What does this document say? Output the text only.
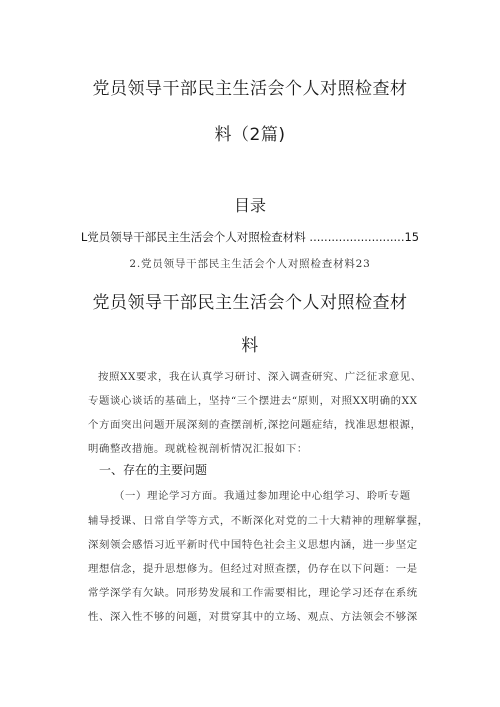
党员领导干部民主生活会个人对照检查材
料（2篇)
目录
L党员领导干部民主生活会个人对照检查材料 ..........................15
2.党员领导干部民主生活会个人对照检查材料23
党员领导干部民主生活会个人对照检查材
料
按照XX要求，我在认真学习研讨、深入调查研究、广泛征求意见、
专题谈心谈话的基础上，坚持“三个摆进去“原则，对照XX明确的XX
个方面突出问题开展深刻的查摆剖析,深挖问题症结，找准思想根源，
明确整改措施。现就检视剖析情况汇报如下：
一、存在的主要问题
（一）理论学习方面。我通过参加理论中心组学习、聆听专题
辅导授课、日常自学等方式，不断深化对党的二十大精神的理解掌握，
深刻领会感悟习近平新时代中国特色社会主义思想内涵，进一步坚定
理想信念，提升思想修为。但经过对照查摆，仍存在以下问题：一是
常学深学有欠缺。同形势发展和工作需要相比，理论学习还存在系统
性、深入性不够的问题，对贯穿其中的立场、观点、方法领会不够深
